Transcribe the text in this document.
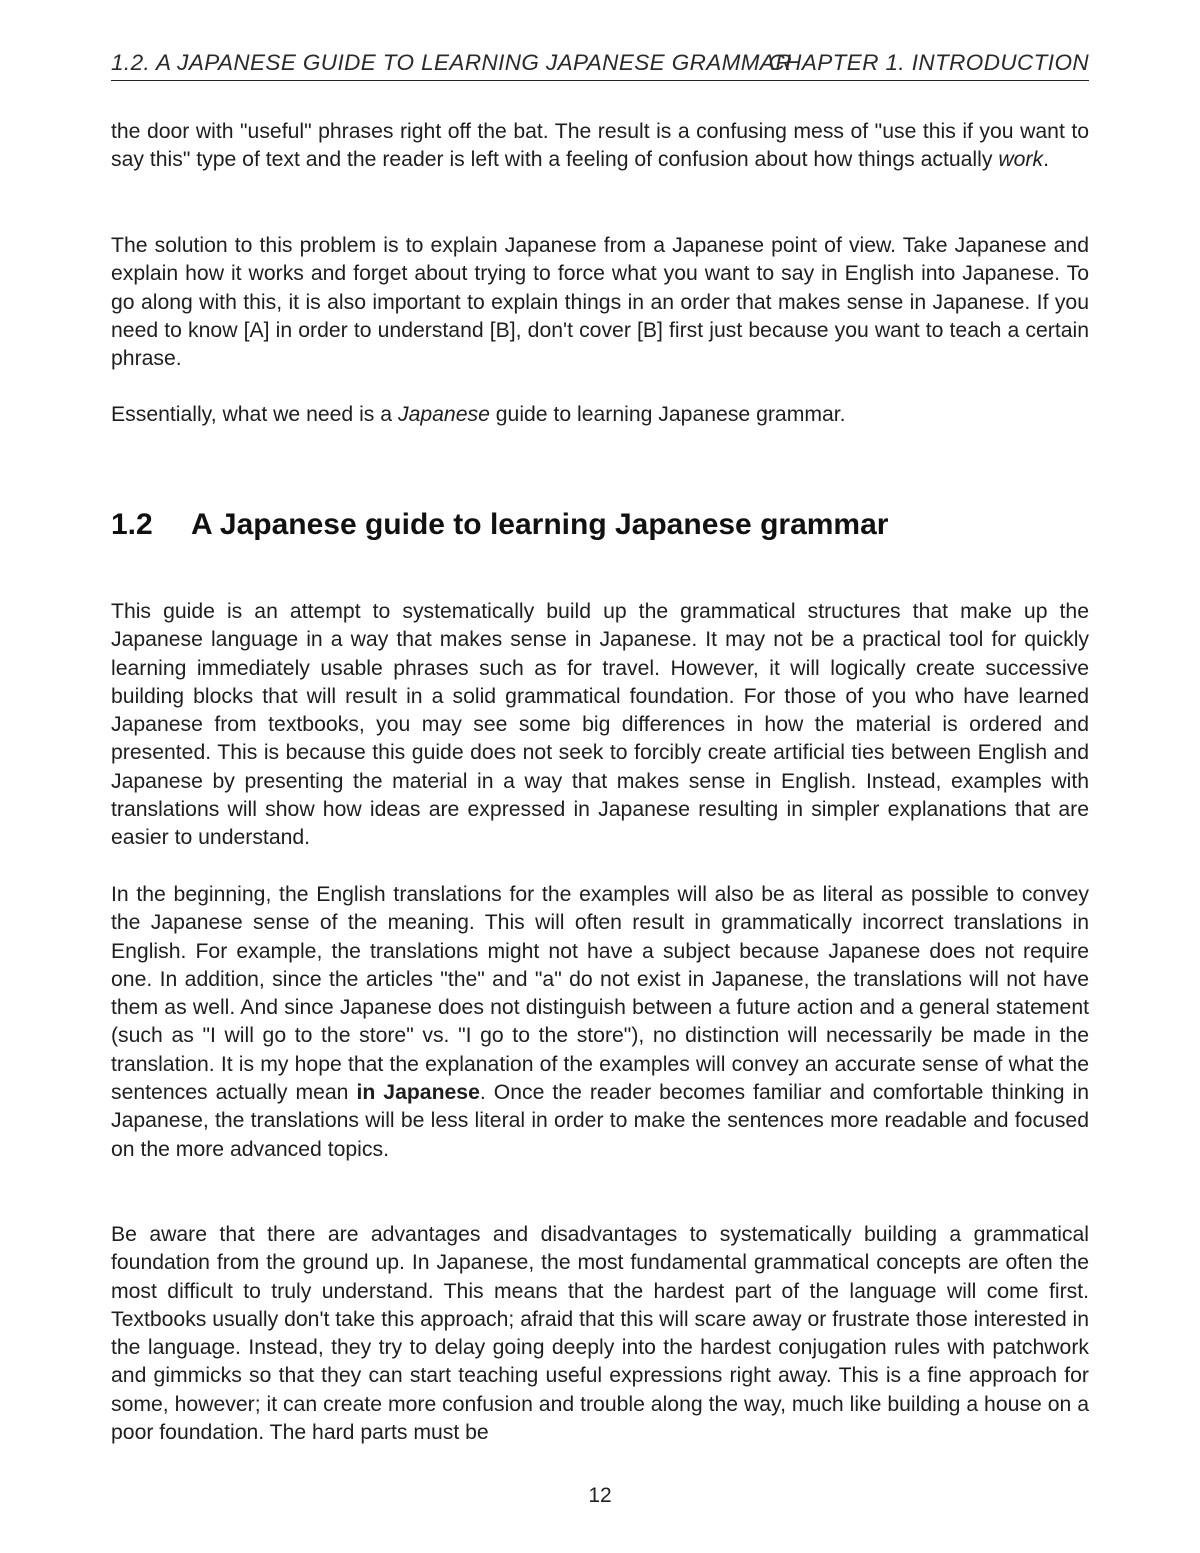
1.2. A JAPANESE GUIDE TO LEARNING JAPANESE GRAMMAR
CHAPTER 1. INTRODUCTION

the door with "useful" phrases right off the bat. The result is a confusing mess of "use this if you want to say this" type of text and the reader is left with a feeling of confusion about how things actually work.

The solution to this problem is to explain Japanese from a Japanese point of view. Take Japanese and explain how it works and forget about trying to force what you want to say in English into Japanese. To go along with this, it is also important to explain things in an order that makes sense in Japanese. If you need to know [A] in order to understand [B], don't cover [B] first just because you want to teach a certain phrase.

Essentially, what we need is a Japanese guide to learning Japanese grammar.

1.2 A Japanese guide to learning Japanese grammar

This guide is an attempt to systematically build up the grammatical structures that make up the Japanese language in a way that makes sense in Japanese. It may not be a practical tool for quickly learning immediately usable phrases such as for travel. However, it will logically create successive building blocks that will result in a solid grammatical foundation. For those of you who have learned Japanese from textbooks, you may see some big differences in how the material is ordered and presented. This is because this guide does not seek to forcibly create artificial ties between English and Japanese by presenting the material in a way that makes sense in English. Instead, examples with translations will show how ideas are expressed in Japanese resulting in simpler explanations that are easier to understand.

In the beginning, the English translations for the examples will also be as literal as possible to convey the Japanese sense of the meaning. This will often result in grammatically incorrect translations in English. For example, the translations might not have a subject because Japanese does not require one. In addition, since the articles "the" and "a" do not exist in Japanese, the translations will not have them as well. And since Japanese does not distinguish between a future action and a general statement (such as "I will go to the store" vs. "I go to the store"), no distinction will necessarily be made in the translation. It is my hope that the explanation of the examples will convey an accurate sense of what the sentences actually mean in Japanese. Once the reader becomes familiar and comfortable thinking in Japanese, the translations will be less literal in order to make the sentences more readable and focused on the more advanced topics.

Be aware that there are advantages and disadvantages to systematically building a grammatical foundation from the ground up. In Japanese, the most fundamental grammatical concepts are often the most difficult to truly understand. This means that the hardest part of the language will come first. Textbooks usually don't take this approach; afraid that this will scare away or frustrate those interested in the language. Instead, they try to delay going deeply into the hardest conjugation rules with patchwork and gimmicks so that they can start teaching useful expressions right away. This is a fine approach for some, however; it can create more confusion and trouble along the way, much like building a house on a poor foundation. The hard parts must be

12
